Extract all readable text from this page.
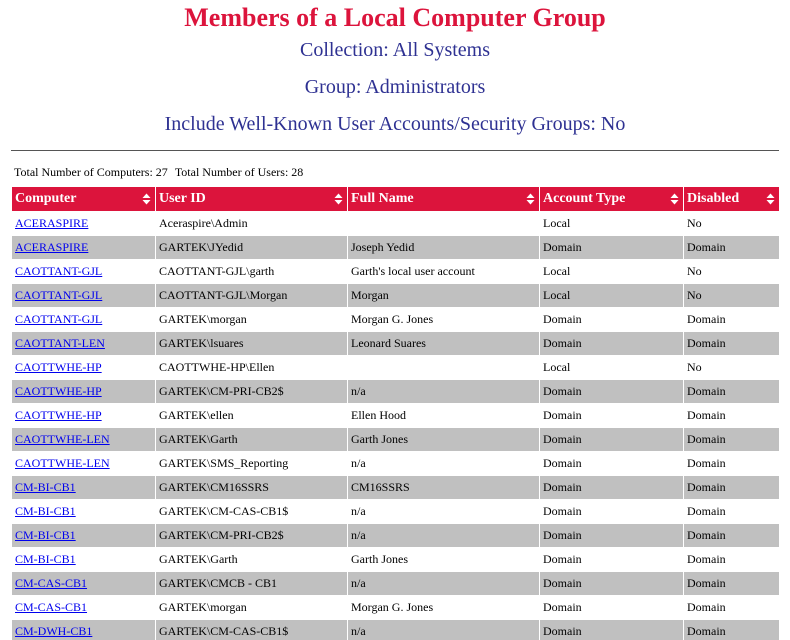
Members of a Local Computer Group
Collection: All Systems
Group: Administrators
Include Well-Known User Accounts/Security Groups: No
Total Number of Computers: 27 Total Number of Users: 28
Computer	User ID	Full Name	Account Type	Disabled

ACERASPIRE	Aceraspire\Admin		Local	No
ACERASPIRE	GARTEK\JYedid	Joseph Yedid	Domain	Domain
CAOTTANT-GJL	CAOTTANT-GJL\garth	Garth's local user account	Local	No
CAOTTANT-GJL	CAOTTANT-GJL\Morgan	Morgan	Local	No
CAOTTANT-GJL	GARTEK\morgan	Morgan G. Jones	Domain	Domain
CAOTTANT-LEN	GARTEK\lsuares	Leonard Suares	Domain	Domain
CAOTTWHE-HP	CAOTTWHE-HP\Ellen		Local	No
CAOTTWHE-HP	GARTEK\CM-PRI-CB2$	n/a	Domain	Domain
CAOTTWHE-HP	GARTEK\ellen	Ellen Hood	Domain	Domain
CAOTTWHE-LEN	GARTEK\Garth	Garth Jones	Domain	Domain
CAOTTWHE-LEN	GARTEK\SMS_Reporting	n/a	Domain	Domain
CM-BI-CB1	GARTEK\CM16SSRS	CM16SSRS	Domain	Domain
CM-BI-CB1	GARTEK\CM-CAS-CB1$	n/a	Domain	Domain
CM-BI-CB1	GARTEK\CM-PRI-CB2$	n/a	Domain	Domain
CM-BI-CB1	GARTEK\Garth	Garth Jones	Domain	Domain
CM-CAS-CB1	GARTEK\CMCB - CB1	n/a	Domain	Domain
CM-CAS-CB1	GARTEK\morgan	Morgan G. Jones	Domain	Domain
CM-DWH-CB1	GARTEK\CM-CAS-CB1$	n/a	Domain	Domain
